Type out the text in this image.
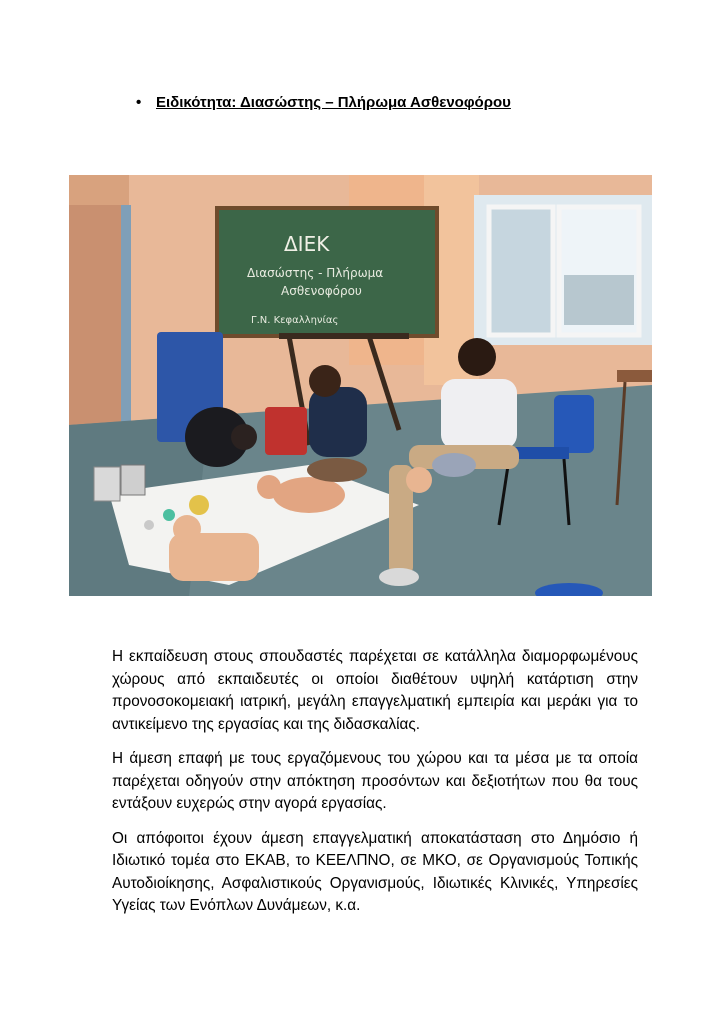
• Ειδικότητα: Διασώστης – Πλήρωμα Ασθενοφόρου
ΔΙΕΚ
Διασώστης - Πλήρωμα
Ασθενοφόρου
Γ.Ν. Κεφαλληνίας

Η εκπαίδευση στους σπουδαστές παρέχεται σε κατάλληλα διαμορφωμένους χώρους από εκπαιδευτές οι οποίοι διαθέτουν υψηλή κατάρτιση στην προνοσοκομειακή ιατρική, μεγάλη επαγγελματική εμπειρία και μεράκι για το αντικείμενο της εργασίας και της διδασκαλίας.

Η άμεση επαφή με τους εργαζόμενους του χώρου και τα μέσα με τα οποία παρέχεται οδηγούν στην απόκτηση προσόντων και δεξιοτήτων που θα τους εντάξουν ευχερώς στην αγορά εργασίας.

Οι απόφοιτοι έχουν άμεση επαγγελματική αποκατάσταση στο Δημόσιο ή Ιδιωτικό τομέα στο ΕΚΑΒ, το ΚΕΕΛΠΝΟ, σε ΜΚΟ, σε Οργανισμούς Τοπικής Αυτοδιοίκησης, Ασφαλιστικούς Οργανισμούς, Ιδιωτικές Κλινικές, Υπηρεσίες Υγείας των Ενόπλων Δυνάμεων, κ.α.
